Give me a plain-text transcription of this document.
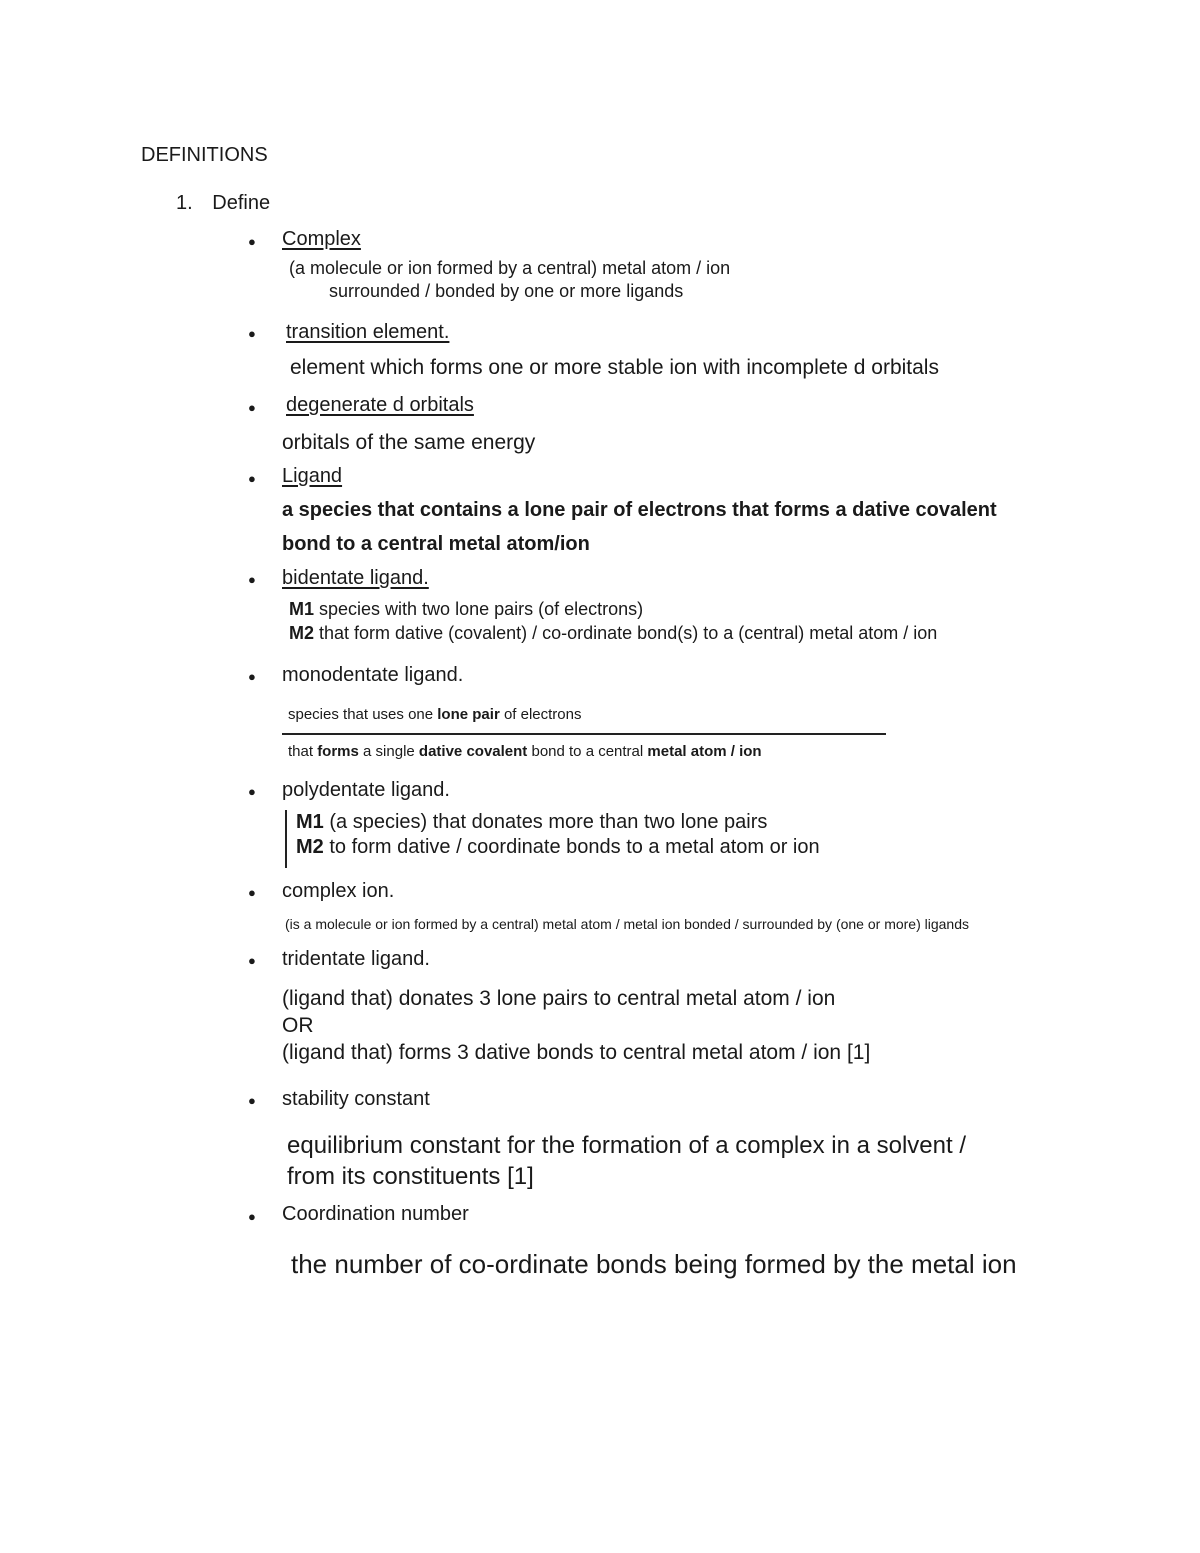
DEFINITIONS
1. Define
● Complex
(a molecule or ion formed by a central) metal atom / ion
surrounded / bonded by one or more ligands
● transition element.
element which forms one or more stable ion with incomplete d orbitals
● degenerate d orbitals
orbitals of the same energy
● Ligand
a species that contains a lone pair of electrons that forms a dative covalent
bond to a central metal atom/ion
● bidentate ligand.
M1 species with two lone pairs (of electrons)
M2 that form dative (covalent) / co-ordinate bond(s) to a (central) metal atom / ion
● monodentate ligand.
species that uses one lone pair of electrons
that forms a single dative covalent bond to a central metal atom / ion
● polydentate ligand.
M1 (a species) that donates more than two lone pairs
M2 to form dative / coordinate bonds to a metal atom or ion
● complex ion.
(is a molecule or ion formed by a central) metal atom / metal ion bonded / surrounded by (one or more) ligands
● tridentate ligand.
(ligand that) donates 3 lone pairs to central metal atom / ion
OR
(ligand that) forms 3 dative bonds to central metal atom / ion [1]
● stability constant
equilibrium constant for the formation of a complex in a solvent /
from its constituents [1]
● Coordination number
the number of co-ordinate bonds being formed by the metal ion
